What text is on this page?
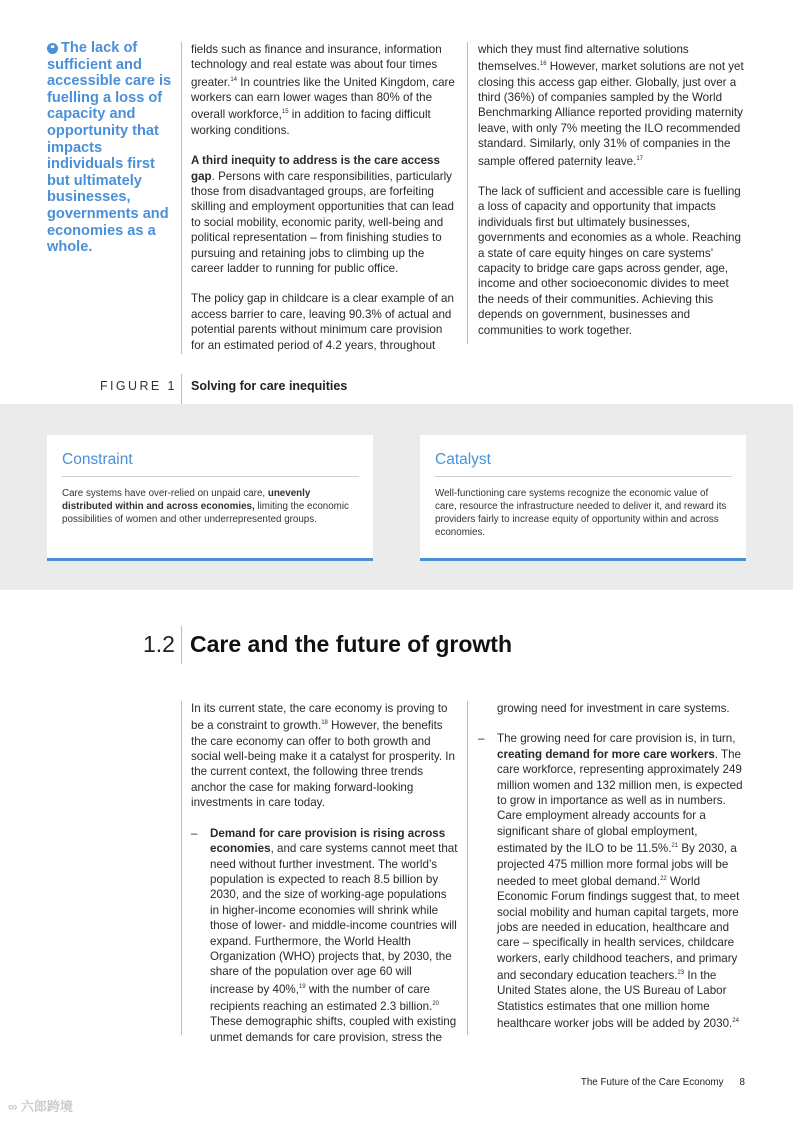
❝ The lack of sufficient and accessible care is fuelling a loss of capacity and opportunity that impacts individuals first but ultimately businesses, governments and economies as a whole.

fields such as finance and insurance, information technology and real estate was about four times greater.$^{14}$ In countries like the United Kingdom, care workers can earn lower wages than 80% of the overall workforce,$^{15}$ in addition to facing difficult working conditions.

A third inequity to address is the care access gap. Persons with care responsibilities, particularly those from disadvantaged groups, are forfeiting skilling and employment opportunities that can lead to social mobility, economic parity, well-being and political representation – from finishing studies to pursuing and retaining jobs to climbing up the career ladder to running for public office.

The policy gap in childcare is a clear example of an access barrier to care, leaving 90.3% of actual and potential parents without minimum care provision for an estimated period of 4.2 years, throughout

which they must find alternative solutions themselves.$^{16}$ However, market solutions are not yet closing this access gap either. Globally, just over a third (36%) of companies sampled by the World Benchmarking Alliance reported providing maternity leave, with only 7% meeting the ILO recommended standard. Similarly, only 31% of companies in the sample offered paternity leave.$^{17}$

The lack of sufficient and accessible care is fuelling a loss of capacity and opportunity that impacts individuals first but ultimately businesses, governments and economies as a whole. Reaching a state of care equity hinges on care systems’ capacity to bridge care gaps across gender, age, income and other socioeconomic divides to meet the needs of their communities. Achieving this depends on government, businesses and communities to work together.

FIGURE 1 Solving for care inequities
Constraint
Care systems have over-relied on unpaid care, unevenly distributed within and across economies, limiting the economic possibilities of women and other underrepresented groups.
Catalyst
Well-functioning care systems recognize the economic value of care, resource the infrastructure needed to deliver it, and reward its providers fairly to increase equity of opportunity within and across economies.
1.2 Care and the future of growth

In its current state, the care economy is proving to be a constraint to growth.$^{18}$ However, the benefits the care economy can offer to both growth and social well-being make it a catalyst for prosperity. In the current context, the following three trends anchor the case for making forward-looking investments in care today.

– Demand for care provision is rising across economies, and care systems cannot meet that need without further investment. The world’s population is expected to reach 8.5 billion by 2030, and the size of working-age populations in higher-income economies will shrink while those of lower- and middle-income countries will expand. Furthermore, the World Health Organization (WHO) projects that, by 2030, the share of the population over age 60 will increase by 40%,$^{19}$ with the number of care recipients reaching an estimated 2.3 billion.$^{20}$ These demographic shifts, coupled with existing unmet demands for care provision, stress the

growing need for investment in care systems.

– The growing need for care provision is, in turn, creating demand for more care workers. The care workforce, representing approximately 249 million women and 132 million men, is expected to grow in importance as well as in numbers. Care employment already accounts for a significant share of global employment, estimated by the ILO to be 11.5%.$^{21}$ By 2030, a projected 475 million more formal jobs will be needed to meet global demand.$^{22}$ World Economic Forum findings suggest that, to meet social mobility and human capital targets, more jobs are needed in education, healthcare and care – specifically in health services, childcare workers, early childhood teachers, and primary and secondary education teachers.$^{23}$ In the United States alone, the US Bureau of Labor Statistics estimates that one million home healthcare worker jobs will be added by 2030.24
The Future of the Care Economy 8
∞ 六郎跨境
